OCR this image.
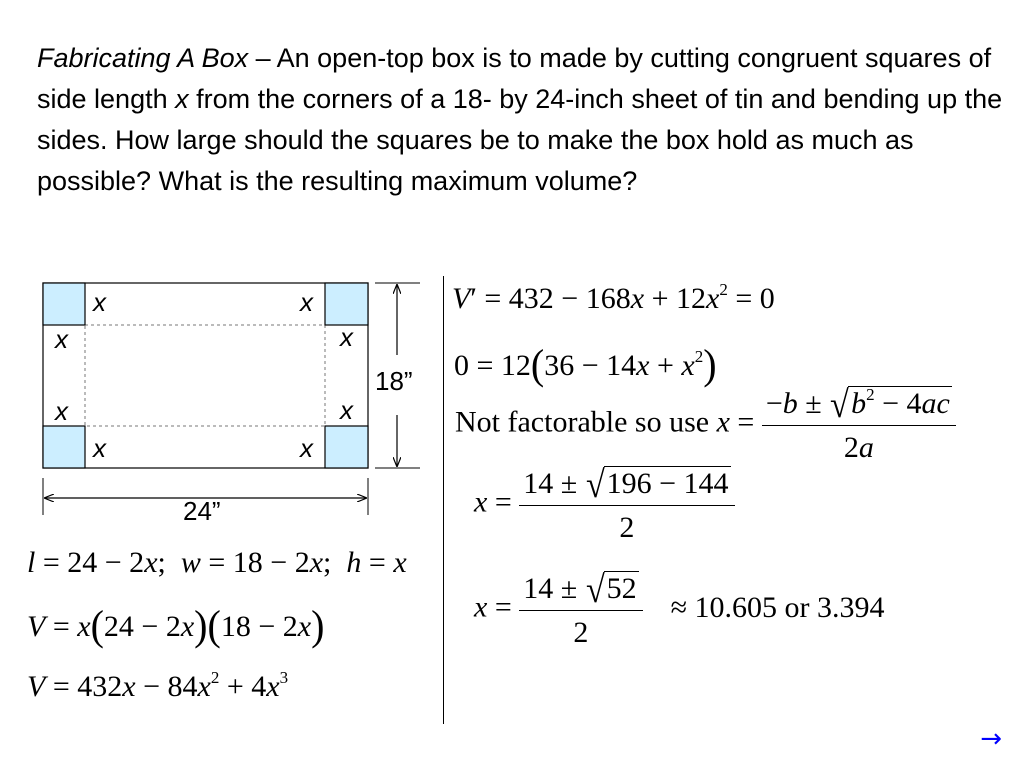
Fabricating A Box – An open-top box is to made by cutting congruent squares of side length x from the corners of a 18- by 24-inch sheet of tin and bending up the sides. How large should the squares be to make the box hold as much as possible? What is the resulting maximum volume?

x	x
x	x
x	x
x	x
18”
24”
l = 24 − 2x;  w = 18 − 2x;  h = x
V = x(24 − 2x)(18 − 2x)
$V = 432x - 84x^2 + 4x^3$
$V' = 432 - 168x + 12x^2 = 0$
$0 = 12(36 - 14x + x^2)$
Not factorable so use $x = \frac{-b \pm √b^2 - 4ac}{2a}$
$x = \frac{14 \pm √196 - 144}{2}$
$x = \frac{14 \pm √52}{2} \approx 10.605$ or 3.394
→
